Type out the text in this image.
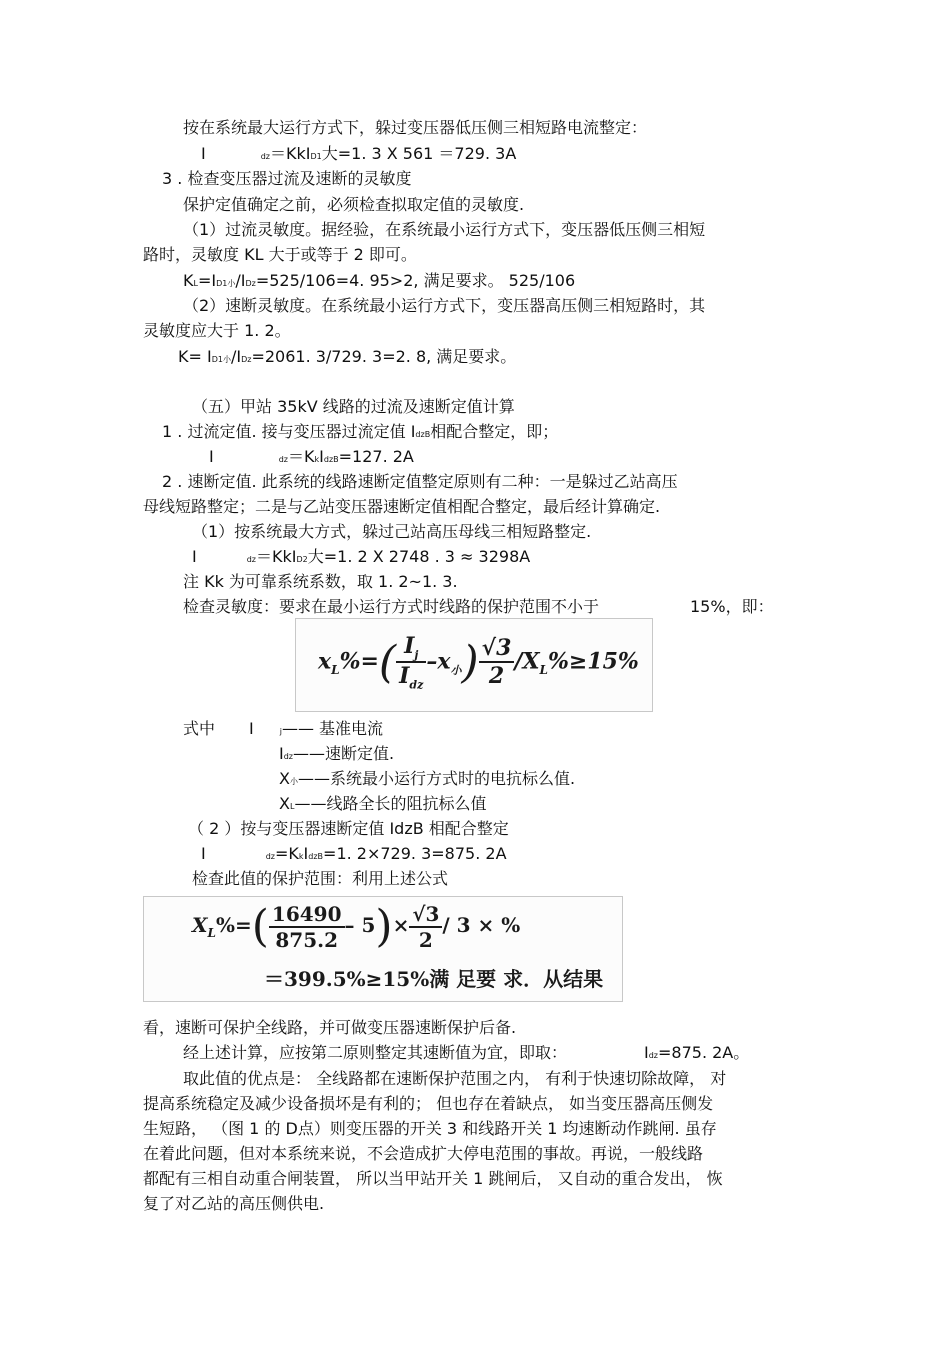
按在系统最大运行方式下，躲过变压器低压侧三相短路电流整定：
I	dz＝KkID1大=1. 3 X 561 ＝729. 3A
3 . 检查变压器过流及速断的灵敏度
保护定值确定之前，必须检查拟取定值的灵敏度.
（1）过流灵敏度。据经验，在系统最小运行方式下，变压器低压侧三相短
路时，灵敏度 KL 大于或等于 2 即可。
KL=ID1小/IDz=525/106=4. 95>2, 满足要求。 525/106
（2）速断灵敏度。在系统最小运行方式下，变压器高压侧三相短路时，其
灵敏度应大于 1. 2。
K= ID1小/IDz=2061. 3/729. 3=2. 8, 满足要求。
（五）甲站 35kV 线路的过流及速断定值计算
1 . 过流定值. 接与变压器过流定值 IdzB相配合整定，即；
I	dz＝KkIdzB=127. 2A
2 . 速断定值. 此系统的线路速断定值整定原则有二种：一是躲过乙站高压
母线短路整定；二是与乙站变压器速断定值相配合整定，最后经计算确定.
（1）按系统最大方式，躲过己站高压母线三相短路整定.
I	dz＝KkID2大=1. 2 X 2748 . 3 ≈ 3298A
注 Kk 为可靠系统系数，取 1. 2~1. 3.
检查灵敏度：要求在最小运行方式时线路的保护范围不小于	15%，即：
$x_L\%=( \frac{I_j}{I_{dz}} -x_小) \frac{√3}{2} /X_L\%\ge 15\%$
式中 I	j—— 基准电流
Idz——速断定值.
X小——系统最小运行方式时的电抗标么值.
XL——线路全长的阻抗标么值
（ 2 ）按与变压器速断定值 IdzB 相配合整定
I	dz=KkIdzB=1. 2×729. 3=875. 2A
检查此值的保护范围：利用上述公式
$X_L\%=( \frac{16490}{875.2} - 5)\times \frac{√3}{2} / 3$ × %
＝399.5%≥15%满 足要 求．从结果
看，速断可保护全线路，并可做变压器速断保护后备.
经上述计算，应按第二原则整定其速断值为宜，即取：	Idz=875. 2A。
取此值的优点是： 全线路都在速断保护范围之内， 有利于快速切除故障， 对
提高系统稳定及减少设备损坏是有利的； 但也存在着缺点， 如当变压器高压侧发
生短路， （图 1 的 D点）则变压器的开关 3 和线路开关 1 均速断动作跳闸. 虽存
在着此问题，但对本系统来说，不会造成扩大停电范围的事故。再说，一般线路
都配有三相自动重合闸装置， 所以当甲站开关 1 跳闸后， 又自动的重合发出， 恢
复了对乙站的高压侧供电.
